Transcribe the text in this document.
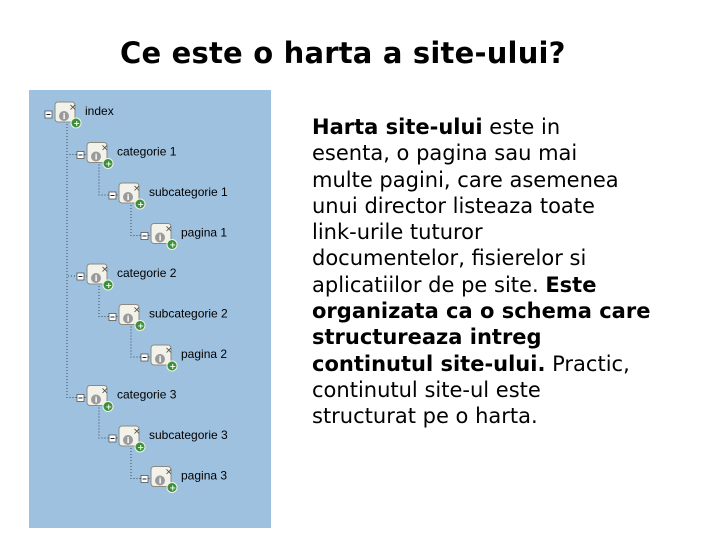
Ce este o harta a site-ului?
×
i
+
index
×
i
+
categorie 1
×
i
+
subcategorie 1
×
i
+
pagina 1
×
i
+
categorie 2
×
i
+
subcategorie 2
×
i
+
pagina 2
×
i
+
categorie 3
×
i
+
subcategorie 3
×
i
+
pagina 3
Harta site-ului este in
esenta, o pagina sau mai
multe pagini, care asemenea
unui director listeaza toate
link-urile tuturor
documentelor, fisierelor si
aplicatiilor de pe site. Este
organizata ca o schema care
structureaza intreg
continutul site-ului. Practic,
continutul site-ul este
structurat pe o harta.
